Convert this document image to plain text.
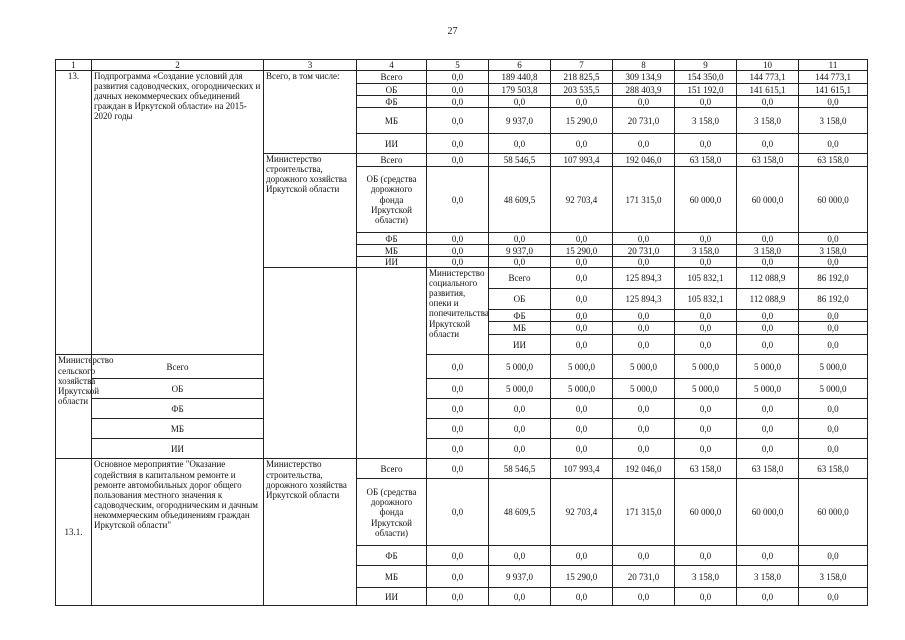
27
1	2	3	4	5	6	7	8	9	10	11	
13.	Подпрограмма «Создание условий для развития садоводческих, огороднических и дачных некоммерческих объединений граждан в Иркутской области» на 2015-2020 годы	Всего, в том числе:	Всего	0,0	189 440,8	218 825,5	309 134,9	154 350,0	144 773,1	144 773,1	
			ОБ	0,0	179 503,8	203 535,5	288 403,9	151 192,0	141 615,1	141 615,1	
			ФБ	0,0	0,0	0,0	0,0	0,0	0,0	0,0	
			МБ	0,0	9 937,0	15 290,0	20 731,0	3 158,0	3 158,0	3 158,0	
			ИИ	0,0	0,0	0,0	0,0	0,0	0,0	0,0	
		Министерство строительства, дорожного хозяйства Иркутской области	Всего	0,0	58 546,5	107 993,4	192 046,0	63 158,0	63 158,0	63 158,0	
			ОБ (средства дорожного фонда Иркутской области)	0,0	48 609,5	92 703,4	171 315,0	60 000,0	60 000,0	60 000,0	
			ФБ	0,0	0,0	0,0	0,0	0,0	0,0	0,0	
			МБ	0,0	9 937,0	15 290,0	20 731,0	3 158,0	3 158,0	3 158,0	
			ИИ	0,0	0,0	0,0	0,0	0,0	0,0	0,0	
				Министерство социального развития, опеки и попечительства Иркутской области	Всего	0,0	125 894,3	105 832,1	112 088,9	86 192,0		
					ОБ	0,0	125 894,3	105 832,1	112 088,9	86 192,0		
					ФБ	0,0	0,0	0,0	0,0	0,0		
					МБ	0,0	0,0	0,0	0,0	0,0		
					ИИ	0,0	0,0	0,0	0,0	0,0		
Министерство сельского хозяйства Иркутской области	Всего			0,0	5 000,0	5 000,0	5 000,0	5 000,0	5 000,0	5 000,0	
	ОБ			0,0	5 000,0	5 000,0	5 000,0	5 000,0	5 000,0	5 000,0	
	ФБ			0,0	0,0	0,0	0,0	0,0	0,0	0,0	
	МБ			0,0	0,0	0,0	0,0	0,0	0,0	0,0	
	ИИ			0,0	0,0	0,0	0,0	0,0	0,0	0,0	
13.1.	Основное мероприятие "Оказание содействия в капитальном ремонте и ремонте автомобильных дорог общего пользования местного значения к садоводческим, огородническим и дачным некоммерческим объединениям граждан Иркутской области"	Министерство строительства, дорожного хозяйства Иркутской области	Всего	0,0	58 546,5	107 993,4	192 046,0	63 158,0	63 158,0	63 158,0	
			ОБ (средства дорожного фонда Иркутской области)	0,0	48 609,5	92 703,4	171 315,0	60 000,0	60 000,0	60 000,0	
			ФБ	0,0	0,0	0,0	0,0	0,0	0,0	0,0	
			МБ	0,0	9 937,0	15 290,0	20 731,0	3 158,0	3 158,0	3 158,0	
			ИИ	0,0	0,0	0,0	0,0	0,0	0,0	0,0	
